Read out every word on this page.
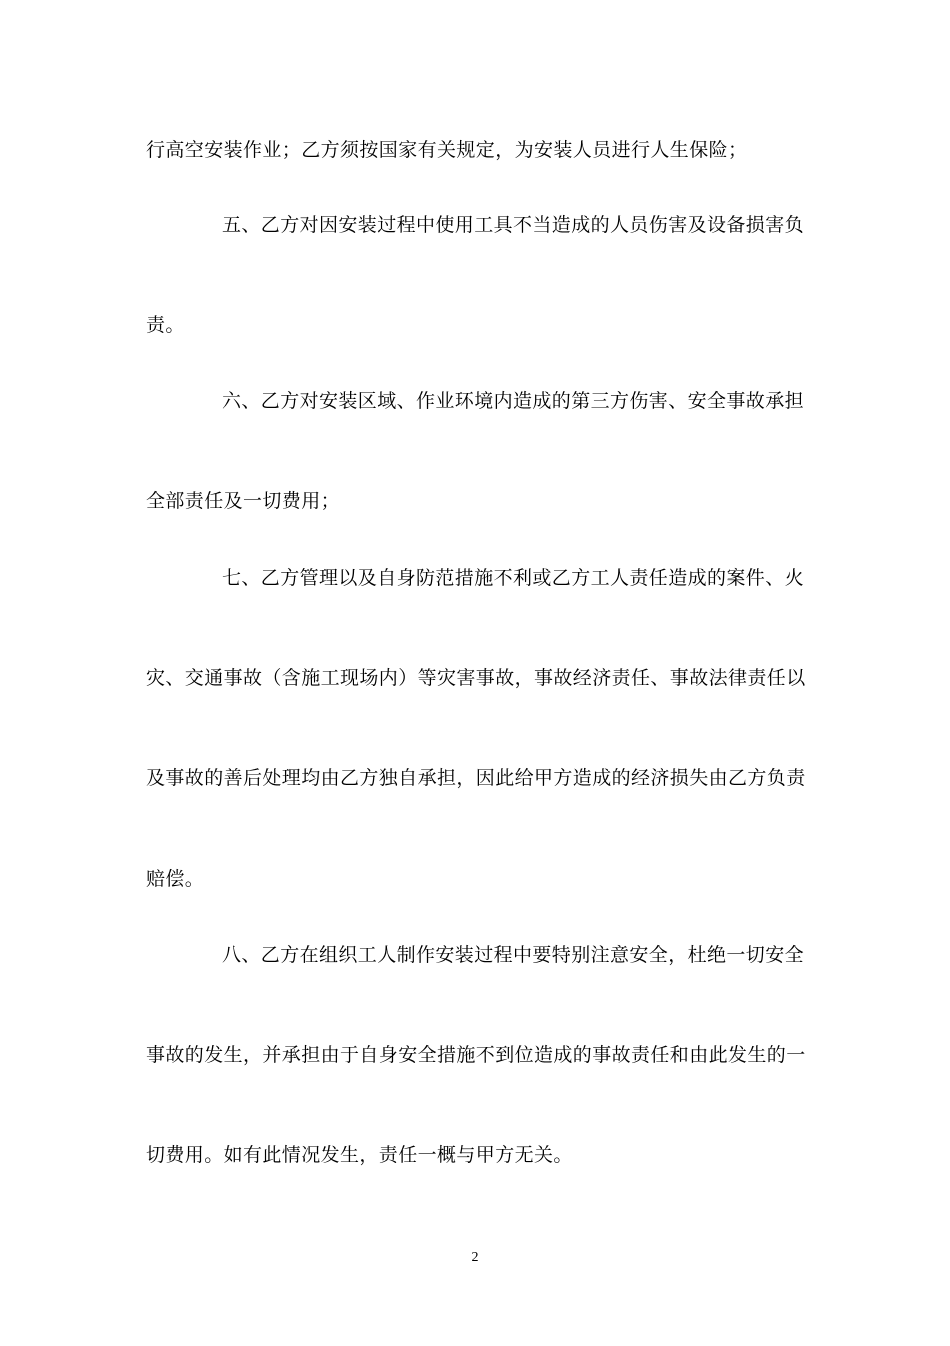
行高空安装作业；乙方须按国家有关规定，为安装人员进行人生保险；
五、乙方对因安装过程中使用工具不当造成的人员伤害及设备损害负
责。
六、乙方对安装区域、作业环境内造成的第三方伤害、安全事故承担
全部责任及一切费用；
七、乙方管理以及自身防范措施不利或乙方工人责任造成的案件、火
灾、交通事故（含施工现场内）等灾害事故，事故经济责任、事故法律责任以
及事故的善后处理均由乙方独自承担，因此给甲方造成的经济损失由乙方负责
赔偿。
八、乙方在组织工人制作安装过程中要特别注意安全，杜绝一切安全
事故的发生，并承担由于自身安全措施不到位造成的事故责任和由此发生的一
切费用。如有此情况发生，责任一概与甲方无关。
2
